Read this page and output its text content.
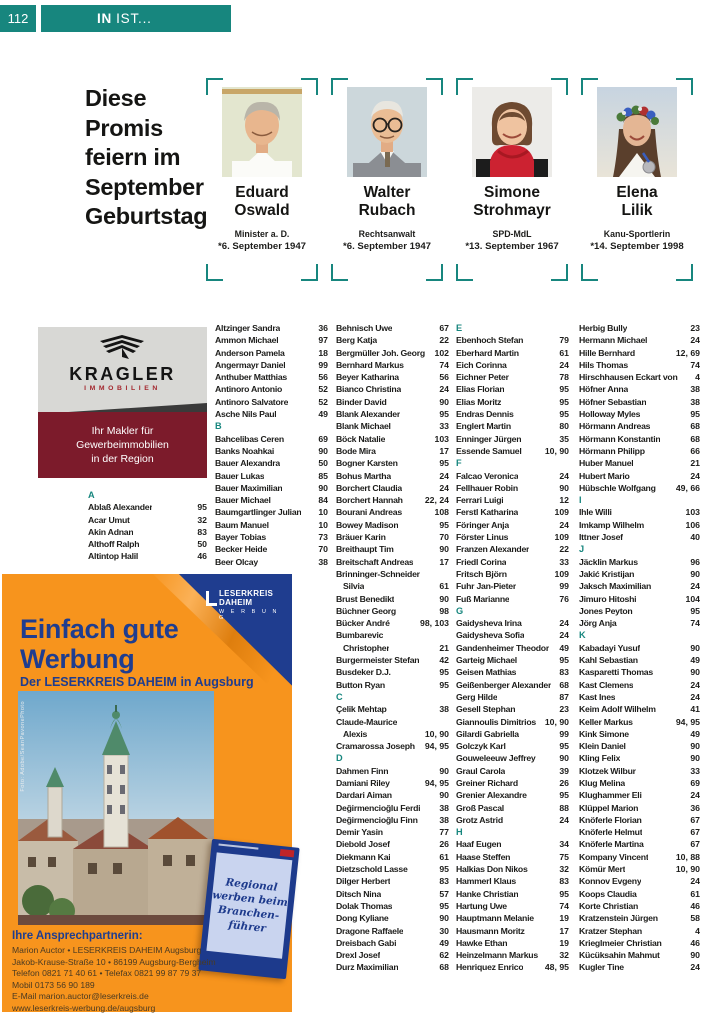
112	IN IST...
Diese
Promis
feiern im
September
Geburtstag
Eduard
Oswald
Minister a. D.
*6. September 1947
Walter
Rubach
Rechtsanwalt
*6. September 1947
Simone
Strohmayr
SPD-MdL
*13. September 1967
Elena
Lilik
Kanu-Sportlerin
*14. September 1998
KRAGLER
IMMOBILIEN
Ihr Makler für
Gewerbeimmobilien
in der Region
A
Ablaß Alexander	95
Acar Umut	32
Akin Adnan	83
Althoff Ralph	50
Altintop Halil	46
Altzinger Sandra	36
Ammon Michael	97
Anderson Pamela	18
Angermayr Daniel	99
Anthuber Matthias	56
Antinoro Antonio	52
Antinoro Salvatore	52
Asche Nils Paul	49
B
Bahcelibas Ceren	69
Banks Noahkai	90
Bauer Alexandra	50
Bauer Lukas	85
Bauer Maximilian	90
Bauer Michael	84
Baumgartlinger Julian	10
Baum Manuel	10
Bayer Tobias	73
Becker Heide	70
Beer Olcay	38
Behnisch Uwe	67
Berg Katja	22
Bergmüller Joh. Georg	102
Bernhard Markus	74
Beyer Katharina	56
Bianco Christina	24
Binder David	90
Blank Alexander	95
Blank Michael	33
Böck Natalie	103
Bode Mira	17
Bogner Karsten	95
Bohus Martha	24
Borchert Claudia	24
Borchert Hannah	22, 24
Bourani Andreas	108
Bowey Madison	95
Bräuer Karin	70
Breithaupt Tim	90
Breitschaft Andreas	17
Brinninger-Schneider
Silvia	61
Brust Benedikt	90
Büchner Georg	98
Bücker André	98, 103
Bumbarevic
Christopher	21
Burgermeister Stefan	42
Busdeker D.J.	95
Button Ryan	95
C
Çelik Mehtap	38
Claude-Maurice
Alexis	10, 90
Cramarossa Joseph	94, 95
D
Dahmen Finn	90
Damiani Riley	94, 95
Dardari Aiman	90
Değirmencioğlu Ferdi	38
Değirmencioğlu Finn	38
Demir Yasin	77
Diebold Josef	26
Diekmann Kai	61
Dietzschold Lasse	95
Dilger Herbert	83
Ditsch Nina	57
Dolak Thomas	95
Dong Kyliane	90
Dragone Raffaele	30
Dreisbach Gabi	49
Drexl Josef	62
Durz Maximilian	68
E
Ebenhoch Stefan	79
Eberhard Martin	61
Eich Corinna	24
Eichner Peter	78
Elias Florian	95
Elias Moritz	95
Endras Dennis	95
Englert Martin	80
Enninger Jürgen	35
Essende Samuel	10, 90
F
Falcao Veronica	24
Fellhauer Robin	90
Ferrari Luigi	12
Ferstl Katharina	109
Föringer Anja	24
Förster Linus	109
Franzen Alexander	22
Friedl Corina	33
Fritsch Björn	109
Fuhr Jan-Pieter	99
Fuß Marianne	76
G
Gaidysheva Irina	24
Gaidysheva Sofia	24
Gandenheimer Theodor	49
Garteig Michael	95
Geisen Mathias	83
Geißenberger Alexander 68
Gerg Hilde	87
Gesell Stephan	23
Giannoulis Dimitrios	10, 90
Gilardi Gabriella	99
Golczyk Karl	95
Gouweleeuw Jeffrey	90
Graul Carola	39
Greiner Richard	26
Grenier Alexandre	95
Groß Pascal	88
Grotz Astrid	24
H
Haaf Eugen	34
Haase Steffen	75
Halkias Don Nikos	32
Hammerl Klaus	83
Hanke Christian	95
Hartung Uwe	74
Hauptmann Melanie	19
Hausmann Moritz	17
Hawke Ethan	19
Heinzelmann Markus	32
Henriquez Enrico	48, 95
Herbig Bully	23
Hermann Michael	24
Hille Bernhard	12, 69
Hils Thomas	74
Hirschhausen Eckart von	4
Höfner Anna	38
Höfner Sebastian	38
Holloway Myles	95
Hörmann Andreas	68
Hörmann Konstantin	68
Hörmann Philipp	66
Huber Manuel	21
Hubert Mario	24
Hübschle Wolfgang	49, 66
I
Ihle Willi	103
Imkamp Wilhelm	106
Ittner Josef	40
J
Jäcklin Markus	96
Jakić Kristijan	90
Jaksch Maximilian	24
Jimuro Hitoshi	104
Jones Peyton	95
Jörg Anja	74
K
Kabadayi Yusuf	90
Kahl Sebastian	49
Kasparetti Thomas	90
Kast Clemens	24
Kast Ines	24
Keim Adolf Wilhelm	41
Keller Markus	94, 95
Kink Simone	49
Klein Daniel	90
Kling Felix	90
Klotzek Wilbur	33
Klug Melina	69
Klughammer Eli	24
Klüppel Marion	36
Knöferle Florian	67
Knöferle Helmut	67
Knöferle Martina	67
Kompany Vincent	10, 88
Kömür Mert	10, 90
Konnov Evgeny	24
Koops Claudia	61
Korte Christian	46
Kratzenstein Jürgen	58
Kratzer Stephan	4
Krieglmeier Christian	46
Kücüksahin Mahmut	90
Kugler Tine	24
LESERKREIS
DAHEIM
W E R B U N G
Einfach gute
Werbung
Der LESERKREIS DAHEIM in Augsburg
Foto: Adobe/SeanPavonePhoto
Regional
werben beim
Branchen-
führer
Ihre Ansprechpartnerin:
Marion Auctor • LESERKREIS DAHEIM Augsburg
Jakob-Krause-Straße 10 • 86199 Augsburg-Bergheim
Telefon 0821 71 40 61 • Telefax 0821 99 87 79 37
Mobil 0173 56 90 189
E-Mail marion.auctor@leserkreis.de
www.leserkreis-werbung.de/augsburg
